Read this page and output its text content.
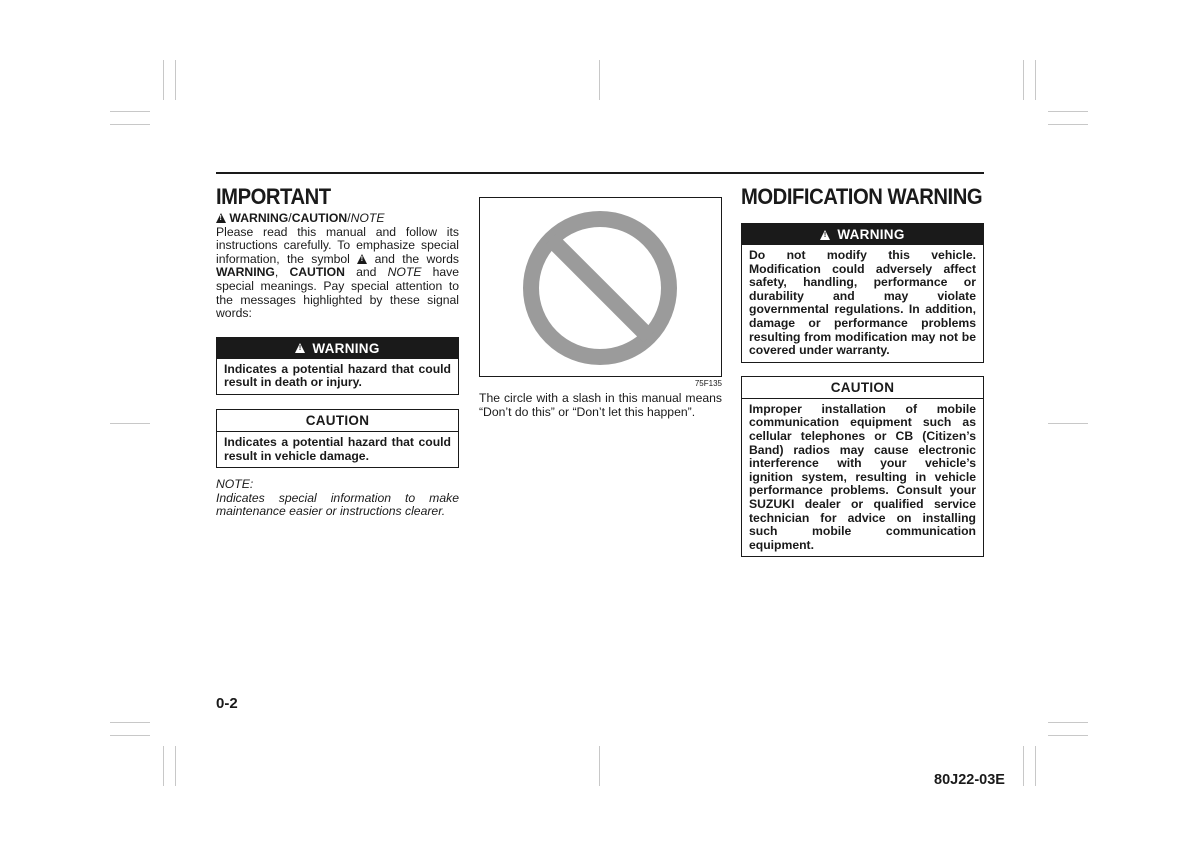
IMPORTANT
! WARNING/CAUTION/NOTE

Please read this manual and follow its instructions carefully. To emphasize special information, the symbol ! and the words WARNING, CAUTION and NOTE have special meanings. Pay special attention to the messages highlighted by these signal words:

!
WARNING
Indicates a potential hazard that could result in death or injury.
CAUTION
Indicates a potential hazard that could result in vehicle damage.

NOTE:

Indicates special information to make maintenance easier or instructions clearer.

75F135

The circle with a slash in this manual means “Don’t do this” or “Don’t let this happen”.

MODIFICATION WARNING
!
WARNING
Do not modify this vehicle. Modification could adversely affect safety, handling, performance or durability and may violate governmental regulations. In addition, damage or performance problems resulting from modification may not be covered under warranty.
CAUTION
Improper installation of mobile communication equipment such as cellular telephones or CB (Citizen’s Band) radios may cause electronic interference with your vehicle’s ignition system, resulting in vehicle performance problems. Consult your SUZUKI dealer or qualified service technician for advice on installing such mobile communication equipment.
0-2
80J22-03E
